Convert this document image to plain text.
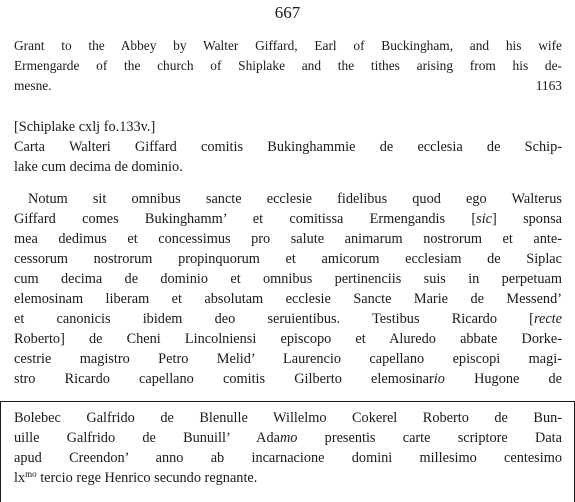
667
Grant to the Abbey by Walter Giffard, Earl of Buckingham, and his wife
Ermengarde of the church of Shiplake and the tithes arising from his de-
mesne.	1163
[Schiplake cxlj fo.133v.]
Carta Walteri Giffard comitis Bukinghammie de ecclesia de Schip-
lake cum decima de dominio.
Notum sit omnibus sancte ecclesie fidelibus quod ego Walterus
Giffard comes Bukinghamm’ et comitissa Ermengandis [sic] sponsa
mea dedimus et concessimus pro salute animarum nostrorum et ante-
cessorum nostrorum propinquorum et amicorum ecclesiam de Siplac
cum decima de dominio et omnibus pertinenciis suis in perpetuam
elemosinam liberam et absolutam ecclesie Sancte Marie de Messend’
et canonicis ibidem deo seruientibus. Testibus Ricardo [recte
Roberto] de Cheni Lincolniensi episcopo et Aluredo abbate Dorke-
cestrie magistro Petro Melid’ Laurencio capellano episcopi magi-
stro Ricardo capellano comitis Gilberto elemosinario Hugone de
Bolebec Galfrido de Blenulle Willelmo Cokerel Roberto de Bun-
uille Galfrido de Bunuill’ Adamo presentis carte scriptore Data
apud Creendon’ anno ab incarnacione domini millesimo centesimo
$lx^{mo}$ tercio rege Henrico secundo regnante.
